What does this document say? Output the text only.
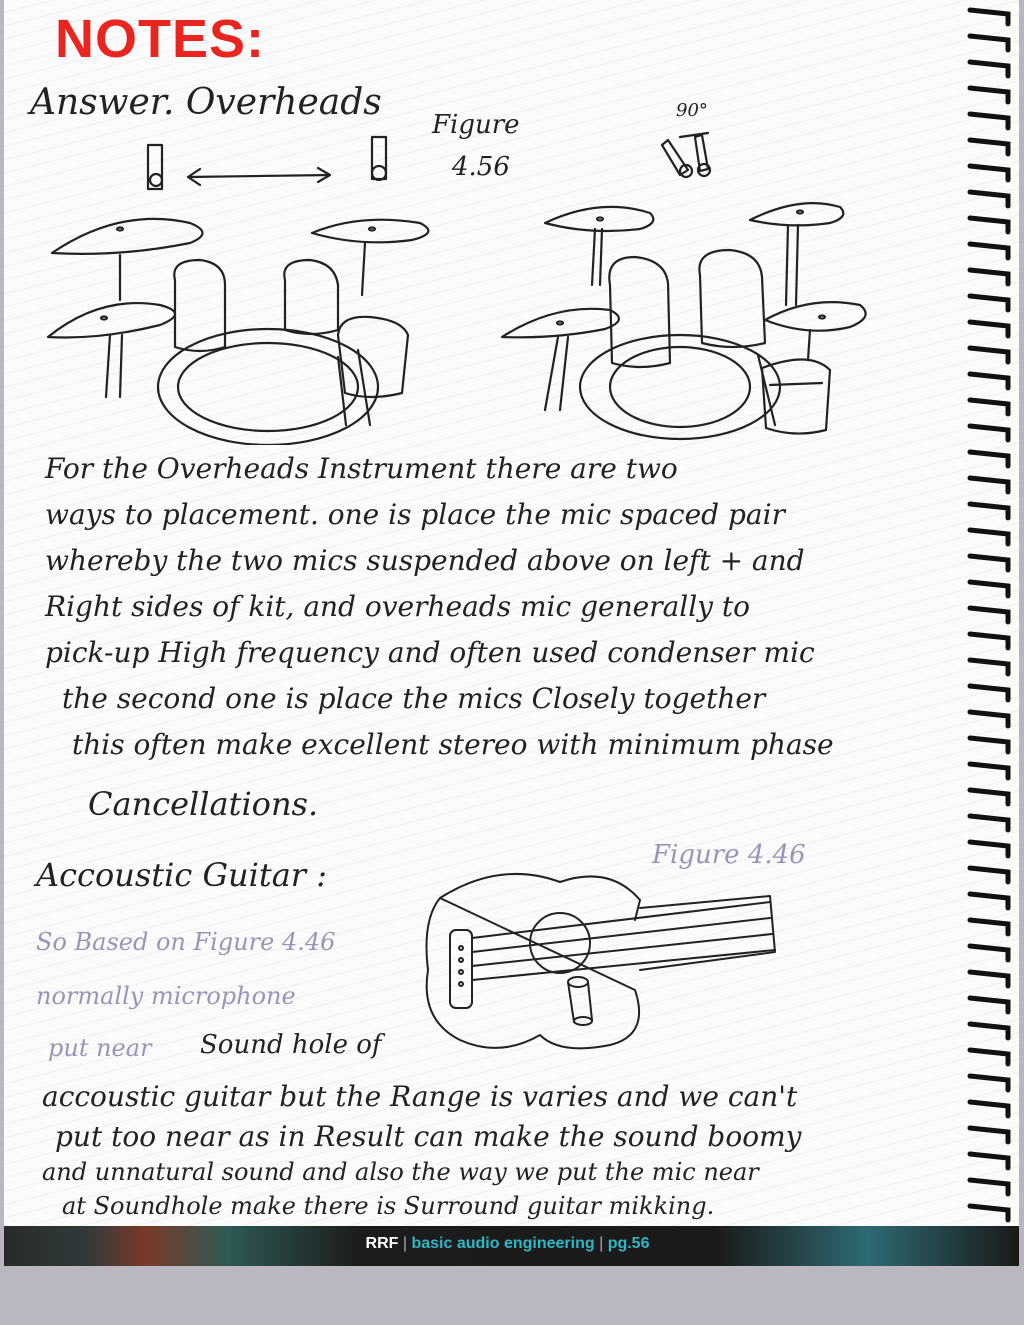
NOTES:
Answer. Overheads
Figure
4.56
90°
For the Overheads Instrument there are two
ways to placement. one is place the mic spaced pair
whereby the two mics suspended above on left + and
Right sides of kit, and overheads mic generally to
pick-up High frequency and often used condenser mic
the second one is place the mics Closely together
this often make excellent stereo with minimum phase
Cancellations.
Accoustic Guitar :
Figure 4.46
So Based on Figure 4.46
normally microphone
put near Sound hole of
accoustic guitar but the Range is varies and we can't
put too near as in Result can make the sound boomy
and unnatural sound and also the way we put the mic near
at Soundhole make there is Surround guitar mikking.
RRF | basic audio engineering | pg.56
